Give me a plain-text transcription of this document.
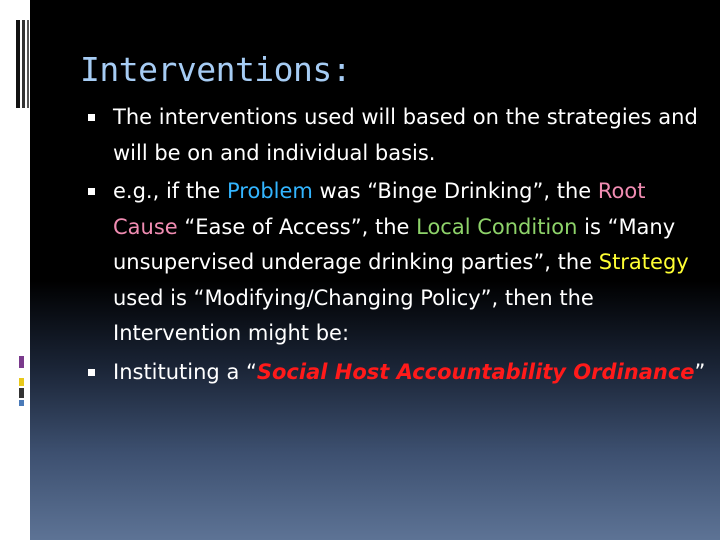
Interventions:
The interventions used will based on the strategies and will be on and individual basis.
e.g., if the Problem was “Binge Drinking”, the Root Cause “Ease of Access”, the Local Condition is “Many unsupervised underage drinking parties”, the Strategy used is “Modifying/Changing Policy”, then the Intervention might be:
Instituting a “Social Host Accountability Ordinance”
